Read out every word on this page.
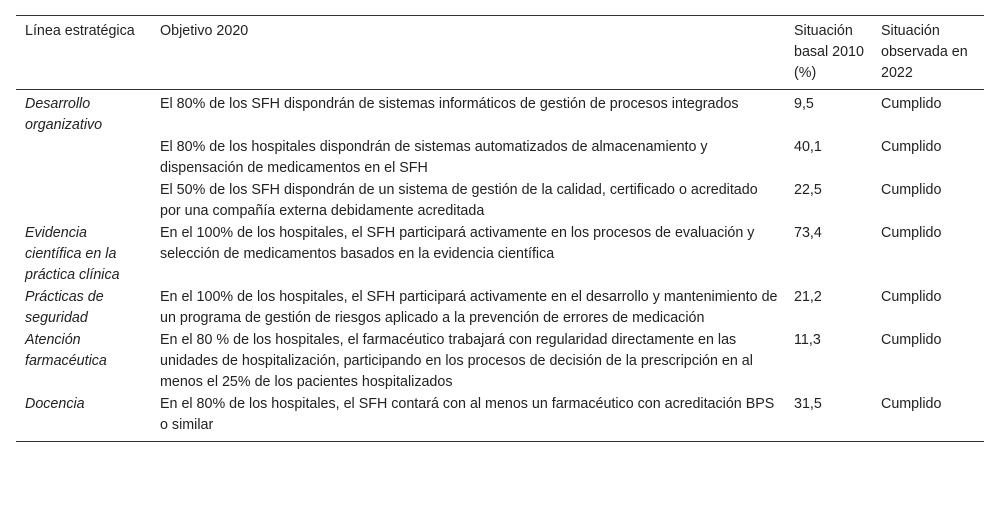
Línea estratégica	Objetivo 2020	Situación basal 2010 (%)	Situación observada en 2022
Desarrollo organizativo	El 80% de los SFH dispondrán de sistemas informáticos de gestión de procesos integrados	9,5	Cumplido
	El 80% de los hospitales dispondrán de sistemas automatizados de almacenamiento y dispensación de medicamentos en el SFH	40,1	Cumplido
	El 50% de los SFH dispondrán de un sistema de gestión de la calidad, certificado o acreditado por una compañía externa debidamente acreditada	22,5	Cumplido
Evidencia científica en la práctica clínica	En el 100% de los hospitales, el SFH participará activamente en los procesos de evaluación y selección de medicamentos basados en la evidencia científica	73,4	Cumplido
Prácticas de seguridad	En el 100% de los hospitales, el SFH participará activamente en el desarrollo y mantenimiento de un programa de gestión de riesgos aplicado a la prevención de errores de medicación	21,2	Cumplido
Atención farmacéutica	En el 80 % de los hospitales, el farmacéutico trabajará con regularidad directamente en las unidades de hospitalización, participando en los procesos de decisión de la prescripción en al menos el 25% de los pacientes hospitalizados	11,3	Cumplido
Docencia	En el 80% de los hospitales, el SFH contará con al menos un farmacéutico con acreditación BPS o similar	31,5	Cumplido
